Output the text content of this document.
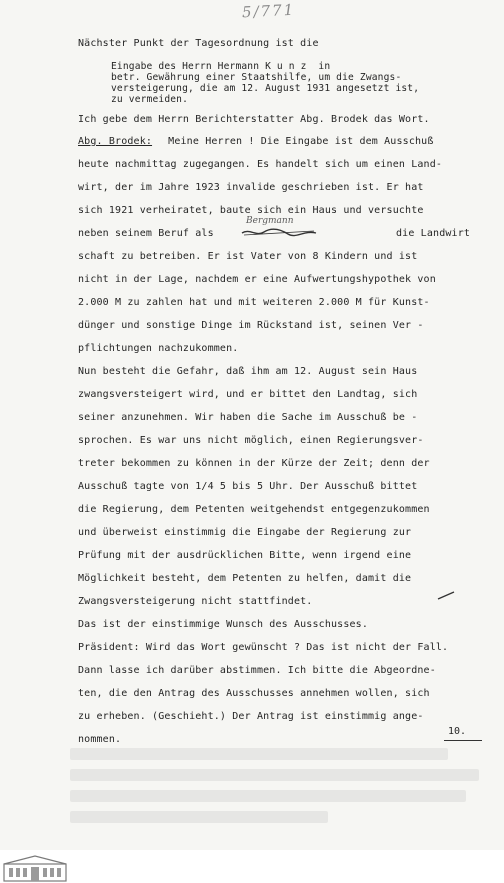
5/771
Nächster Punkt der Tagesordnung ist die
Eingabe des Herrn Hermann K u n z  in
betr. Gewährung einer Staatshilfe, um die Zwangs-
versteigerung, die am 12. August 1931 angesetzt ist,
zu vermeiden.
Ich gebe dem Herrn Berichterstatter Abg. Brodek das Wort.
Abg. Brodek: Meine Herren ! Die Eingabe ist dem Ausschuß
heute nachmittag zugegangen. Es handelt sich um einen Land-
wirt, der im Jahre 1923 invalide geschrieben ist. Er hat
sich 1921 verheiratet, baute sich ein Haus und versuchte
neben seinem Beruf als
Bergmann
die Landwirt
schaft zu betreiben. Er ist Vater von 8 Kindern und ist
nicht in der Lage, nachdem er eine Aufwertungshypothek von
2.000 M zu zahlen hat und mit weiteren 2.000 M für Kunst-
dünger und sonstige Dinge im Rückstand ist, seinen Ver -
pflichtungen nachzukommen.
Nun besteht die Gefahr, daß ihm am 12. August sein Haus
zwangsversteigert wird, und er bittet den Landtag, sich
seiner anzunehmen. Wir haben die Sache im Ausschuß be -
sprochen. Es war uns nicht möglich, einen Regierungsver-
treter bekommen zu können in der Kürze der Zeit; denn der
Ausschuß tagte von 1/4 5 bis 5 Uhr. Der Ausschuß bittet
die Regierung, dem Petenten weitgehendst entgegenzukommen
und überweist einstimmig die Eingabe der Regierung zur
Prüfung mit der ausdrücklichen Bitte, wenn irgend eine
Möglichkeit besteht, dem Petenten zu helfen, damit die
Zwangsversteigerung nicht stattfindet.
Das ist der einstimmige Wunsch des Ausschusses.
Präsident: Wird das Wort gewünscht ? Das ist nicht der Fall.
Dann lasse ich darüber abstimmen. Ich bitte die Abgeordne-
ten, die den Antrag des Ausschusses annehmen wollen, sich
zu erheben. (Geschieht.) Der Antrag ist einstimmig ange-
nommen.
10.
